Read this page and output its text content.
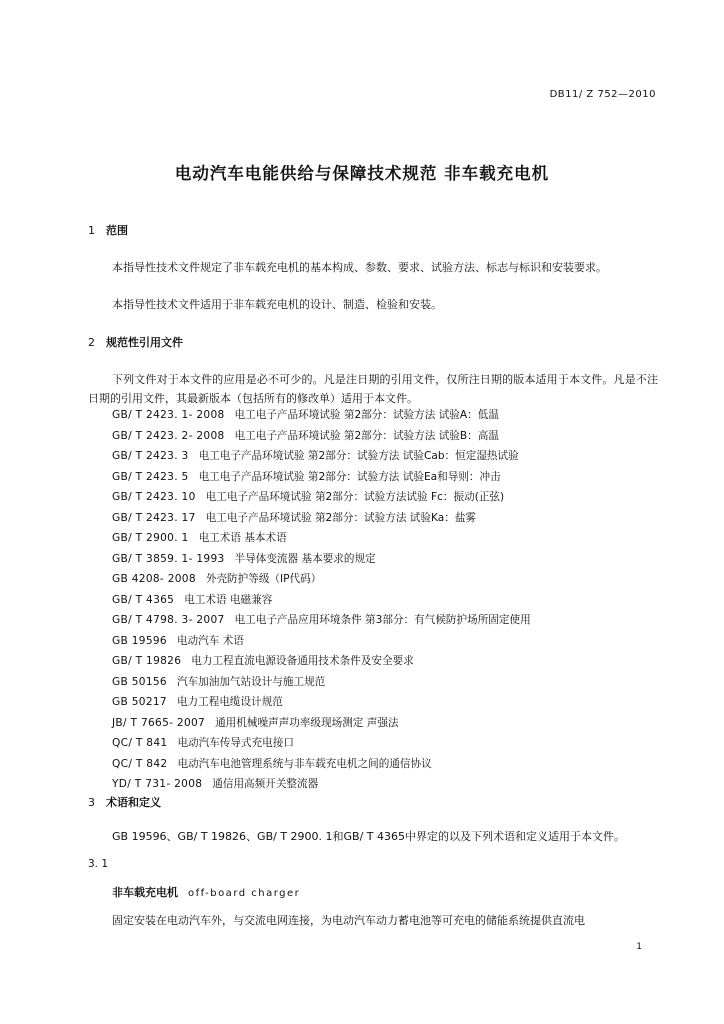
DB11/ Z 752—2010
电动汽车电能供给与保障技术规范 非车载充电机
1 范围
本指导性技术文件规定了非车载充电机的基本构成、参数、要求、试验方法、标志与标识和安装要求。
本指导性技术文件适用于非车载充电机的设计、制造、检验和安装。
2 规范性引用文件
下列文件对于本文件的应用是必不可少的。凡是注日期的引用文件，仅所注日期的版本适用于本文件。凡是不注日期的引用文件，其最新版本（包括所有的修改单）适用于本文件。
GB/ T 2423. 1- 2008 电工电子产品环境试验 第2部分：试验方法 试验A：低温
GB/ T 2423. 2- 2008 电工电子产品环境试验 第2部分：试验方法 试验B：高温
GB/ T 2423. 3 电工电子产品环境试验 第2部分：试验方法 试验Cab：恒定湿热试验
GB/ T 2423. 5 电工电子产品环境试验 第2部分：试验方法 试验Ea和导则：冲击
GB/ T 2423. 10 电工电子产品环境试验 第2部分：试验方法试验 Fc：振动(正弦)
GB/ T 2423. 17 电工电子产品环境试验 第2部分：试验方法 试验Ka：盐雾
GB/ T 2900. 1 电工术语 基本术语
GB/ T 3859. 1- 1993 半导体变流器 基本要求的规定
GB 4208- 2008 外壳防护等级（IP代码）
GB/ T 4365 电工术语 电磁兼容
GB/ T 4798. 3- 2007 电工电子产品应用环境条件 第3部分：有气候防护场所固定使用
GB 19596 电动汽车 术语
GB/ T 19826 电力工程直流电源设备通用技术条件及安全要求
GB 50156 汽车加油加气站设计与施工规范
GB 50217 电力工程电缆设计规范
JB/ T 7665- 2007 通用机械噪声声功率级现场测定 声强法
QC/ T 841 电动汽车传导式充电接口
QC/ T 842 电动汽车电池管理系统与非车载充电机之间的通信协议
YD/ T 731- 2008 通信用高频开关整流器
3 术语和定义
GB 19596、GB/ T 19826、GB/ T 2900. 1和GB/ T 4365中界定的以及下列术语和定义适用于本文件。
3. 1
非车载充电机 off-board charger
固定安装在电动汽车外，与交流电网连接，为电动汽车动力蓄电池等可充电的储能系统提供直流电
1
